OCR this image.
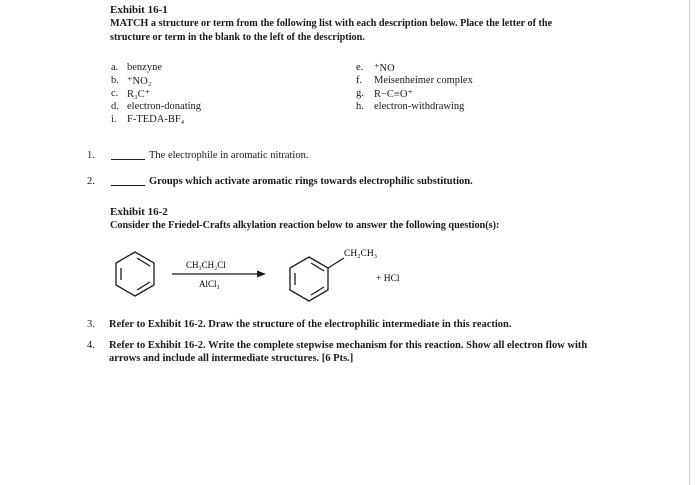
Exhibit 16-1
MATCH a structure or term from the following list with each description below. Place the letter of the
structure or term in the blank to the left of the description.
a. benzyne
b. ⁺NO₂
c. R₃C⁺
d. electron-donating
i. F-TEDA-BF₄
e. ⁺NO
f. Meisenheimer complex
g. R−C≡O⁺
h. electron-withdrawing
1.	The electrophile in aromatic nitration.
2.	Groups which activate aromatic rings towards electrophilic substitution.
Exhibit 16-2
Consider the Friedel-Crafts alkylation reaction below to answer the following question(s):
CH₃CH₂Cl
AlCl₃
CH₂CH₃
+ HCl
3. Refer to Exhibit 16-2. Draw the structure of the electrophilic intermediate in this reaction.
4. Refer to Exhibit 16-2. Write the complete stepwise mechanism for this reaction. Show all electron flow with
arrows and include all intermediate structures. [6 Pts.]
